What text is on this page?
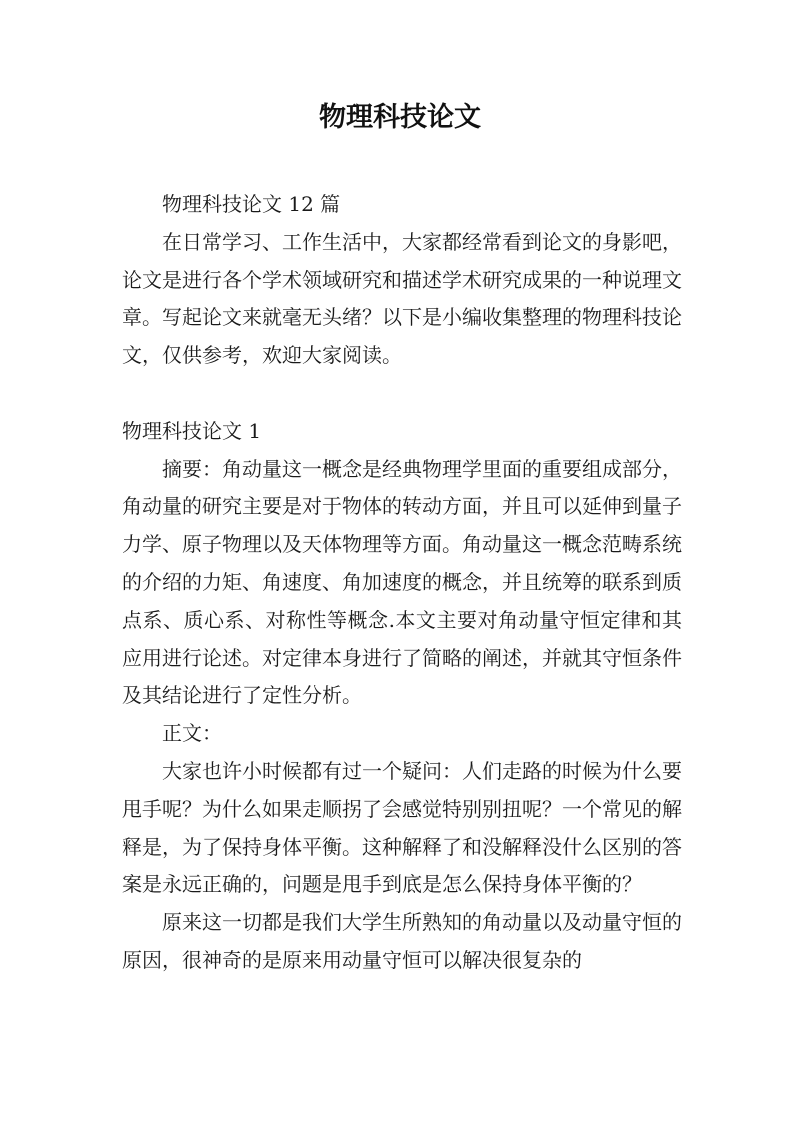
物理科技论文

物理科技论文 12 篇

在日常学习、工作生活中，大家都经常看到论文的身影吧，论文是进行各个学术领域研究和描述学术研究成果的一种说理文章。写起论文来就毫无头绪？以下是小编收集整理的物理科技论文，仅供参考，欢迎大家阅读。

物理科技论文 1

摘要：角动量这一概念是经典物理学里面的重要组成部分，角动量的研究主要是对于物体的转动方面，并且可以延伸到量子力学、原子物理以及天体物理等方面。角动量这一概念范畴系统的介绍的力矩、角速度、角加速度的概念，并且统筹的联系到质点系、质心系、对称性等概念.本文主要对角动量守恒定律和其应用进行论述。对定律本身进行了简略的阐述，并就其守恒条件及其结论进行了定性分析。

正文：

大家也许小时候都有过一个疑问：人们走路的时候为什么要甩手呢？为什么如果走顺拐了会感觉特别别扭呢？一个常见的解释是，为了保持身体平衡。这种解释了和没解释没什么区别的答案是永远正确的，问题是甩手到底是怎么保持身体平衡的？

原来这一切都是我们大学生所熟知的角动量以及动量守恒的原因，很神奇的是原来用动量守恒可以解决很复杂的
